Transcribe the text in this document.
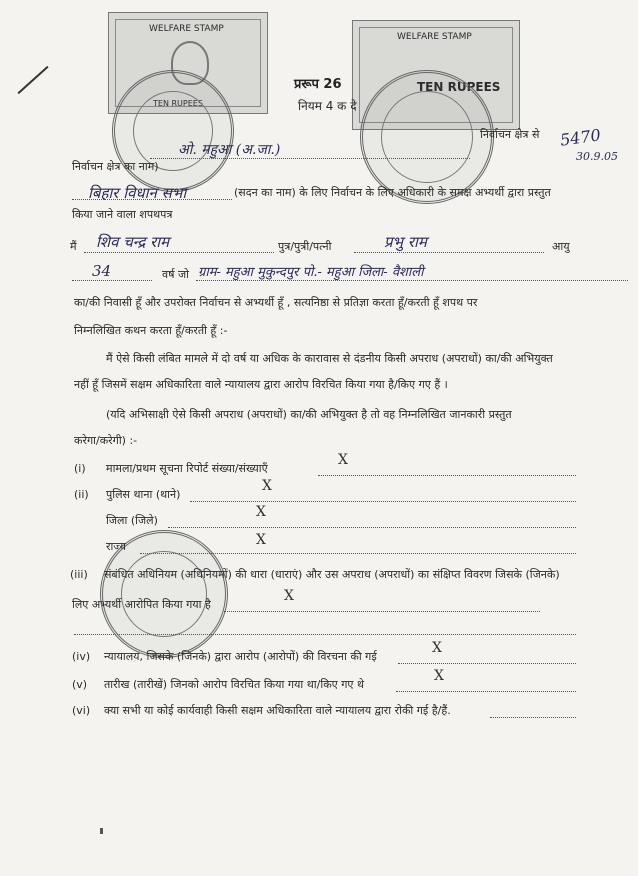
WELFARE STAMP
TEN RUPEES
WELFARE STAMP
TEN RUPEES
प्ररूप 26
नियम 4 क दे
5470
30.9.05
ओ. महुआ (अ.जा.)
निर्वाचन क्षेत्र से
निर्वाचन क्षेत्र का नाम)
बिहार विधान सभा	(सदन का नाम) के लिए निर्वाचन के लिए अधिकारी के समक्ष अभ्यर्थी द्वारा प्रस्तुत
किया जाने वाला शपथपत्र
मैं शिव चन्द्र राम	पुत्र/पुत्री/पत्नी	प्रभु राम	आयु
34	वर्ष जो ग्राम- महुआ मुकुन्दपुर पो.- महुआ जिला- वैशाली
का/की निवासी हूँ और उपरोक्त निर्वाचन से अभ्यर्थी हूँ , सत्यनिष्ठा से प्रतिज्ञा करता हूँ/करती हूँ शपथ पर
निम्नलिखित कथन करता हूँ/करती हूँ :-
मैं ऐसे किसी लंबित मामले में दो वर्ष या अधिक के कारावास से दंडनीय किसी अपराध (अपराधों) का/की अभियुक्त
नहीं हूँ जिसमें सक्षम अधिकारिता वाले न्यायालय द्वारा आरोप विरचित किया गया है/किए गए हैं ।
(यदि अभिसाक्षी ऐसे किसी अपराध (अपराधों) का/की अभियुक्त है तो वह निम्नलिखित जानकारी प्रस्तुत
करेगा/करेगी) :-
(i) मामला/प्रथम सूचना रिपोर्ट संख्या/संख्याएँ
X
(ii) पुलिस थाना (थाने)
X
जिला (जिले)
X
राज्य	X
(iii) संबंधित अधिनियम (अधिनियमों) की धारा (धाराएं) और उस अपराध (अपराधों) का संक्षिप्त विवरण जिसके (जिनके)
लिए अभ्यर्थी आरोपित किया गया है
X
(iv) न्यायालय, जिसके (जिनके) द्वारा आरोप (आरोपों) की विरचना की गई
X
(v) तारीख (तारीखें) जिनको आरोप विरचित किया गया था/किए गए थे
X
(vi) क्या सभी या कोई कार्यवाही किसी सक्षम अधिकारिता वाले न्यायालय द्वारा रोकी गई है/हैं.
